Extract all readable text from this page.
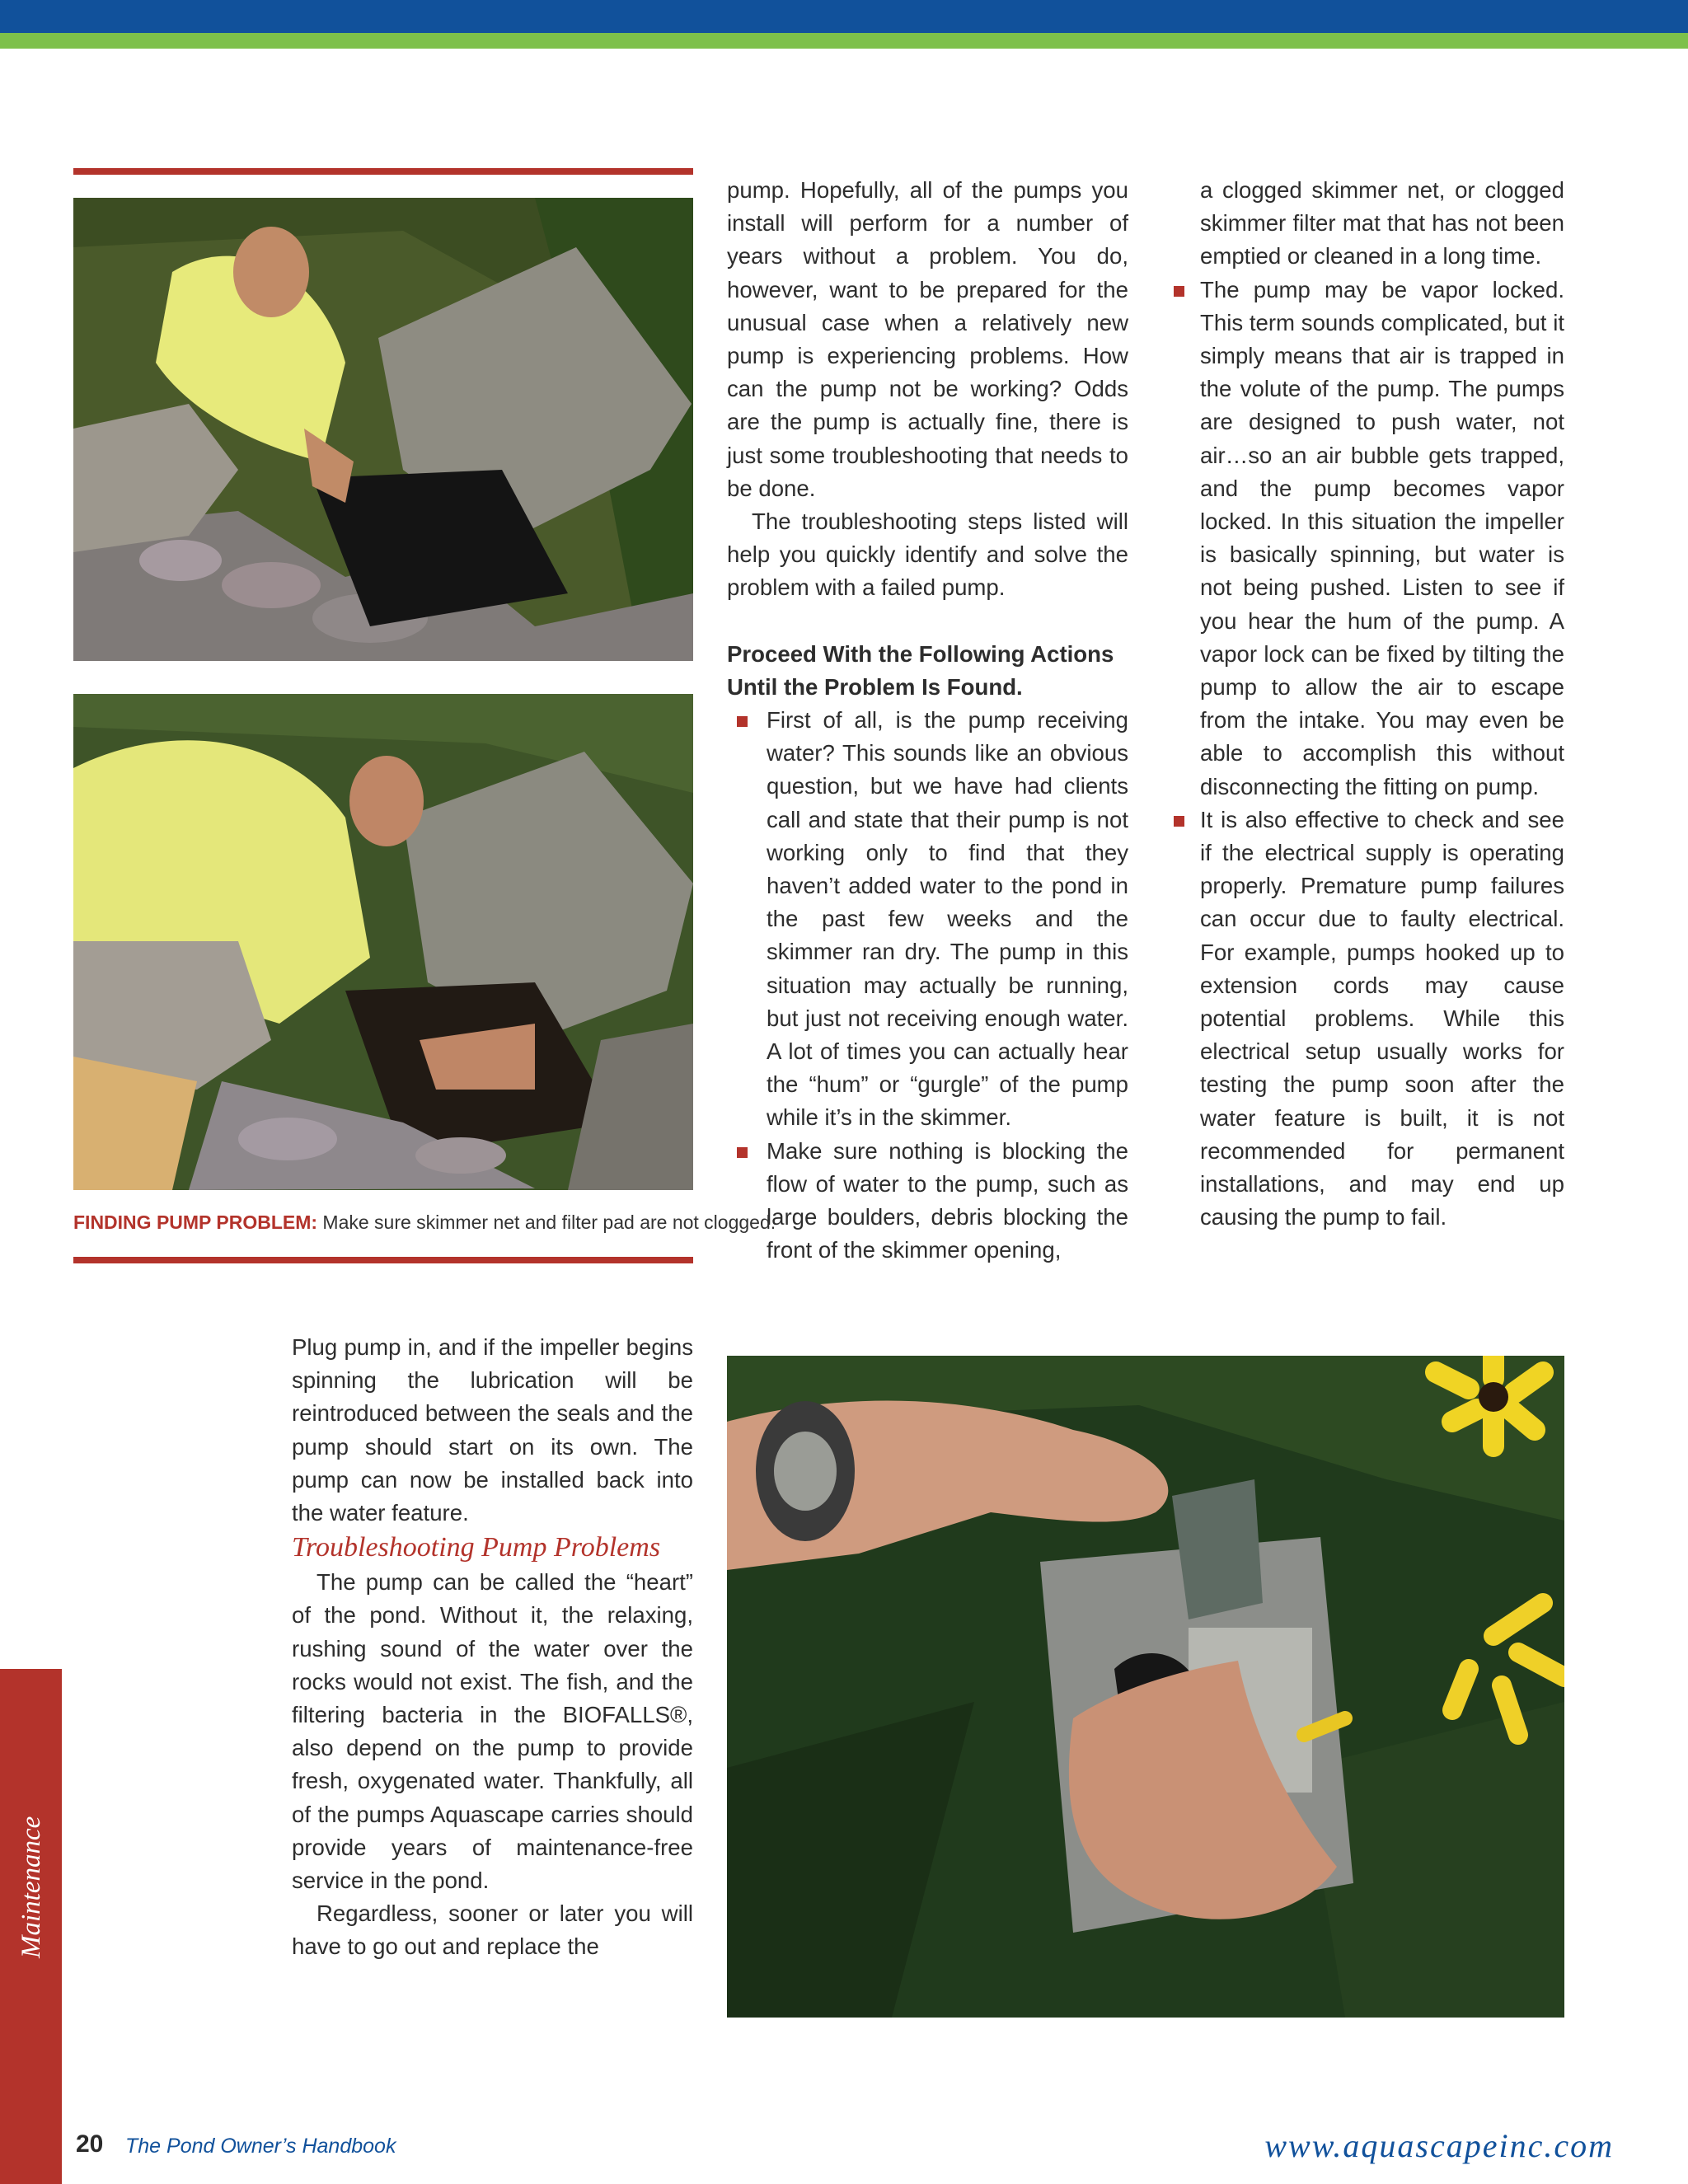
FINDING PUMP PROBLEM: Make sure skimmer net and filter pad are not clogged.

Plug pump in, and if the impeller begins spinning the lubrication will be reintroduced between the seals and the pump should start on its own. The pump can now be installed back into the water feature.

Troubleshooting Pump Problems

The pump can be called the “heart” of the pond. Without it, the relaxing, rushing sound of the water over the rocks would not exist. The fish, and the filtering bacteria in the BIOFALLS®, also depend on the pump to provide fresh, oxygenated water. Thankfully, all of the pumps Aquascape carries should provide years of maintenance-free service in the pond.

Regardless, sooner or later you will have to go out and replace the

pump. Hopefully, all of the pumps you install will perform for a number of years without a problem. You do, however, want to be prepared for the unusual case when a relatively new pump is experiencing problems. How can the pump not be working? Odds are the pump is actually fine, there is just some troubleshooting that needs to be done.

The troubleshooting steps listed will help you quickly identify and solve the problem with a failed pump.

Proceed With the Following Actions
Until the Problem Is Found.

First of all, is the pump receiving water? This sounds like an obvious question, but we have had clients call and state that their pump is not working only to find that they haven’t added water to the pond in the past few weeks and the skimmer ran dry. The pump in this situation may actually be running, but just not receiving enough water. A lot of times you can actually hear the “hum” or “gurgle” of the pump while it’s in the skimmer.

Make sure nothing is blocking the flow of water to the pump, such as large boulders, debris blocking the front of the skimmer opening,

a clogged skimmer net, or clogged skimmer filter mat that has not been emptied or cleaned in a long time.

The pump may be vapor locked. This term sounds complicated, but it simply means that air is trapped in the volute of the pump. The pumps are designed to push water, not air…so an air bubble gets trapped, and the pump becomes vapor locked. In this situation the impeller is basically spinning, but water is not being pushed. Listen to see if you hear the hum of the pump. A vapor lock can be fixed by tilting the pump to allow the air to escape from the intake. You may even be able to accomplish this without disconnecting the fitting on pump.

It is also effective to check and see if the electrical supply is operating properly. Premature pump failures can occur due to faulty electrical. For example, pumps hooked up to extension cords may cause potential problems. While this electrical setup usually works for testing the pump soon after the water feature is built, it is not recommended for permanent installations, and may end up causing the pump to fail.

Maintenance
20 The Pond Owner’s Handbook	www.aquascapeinc.com
